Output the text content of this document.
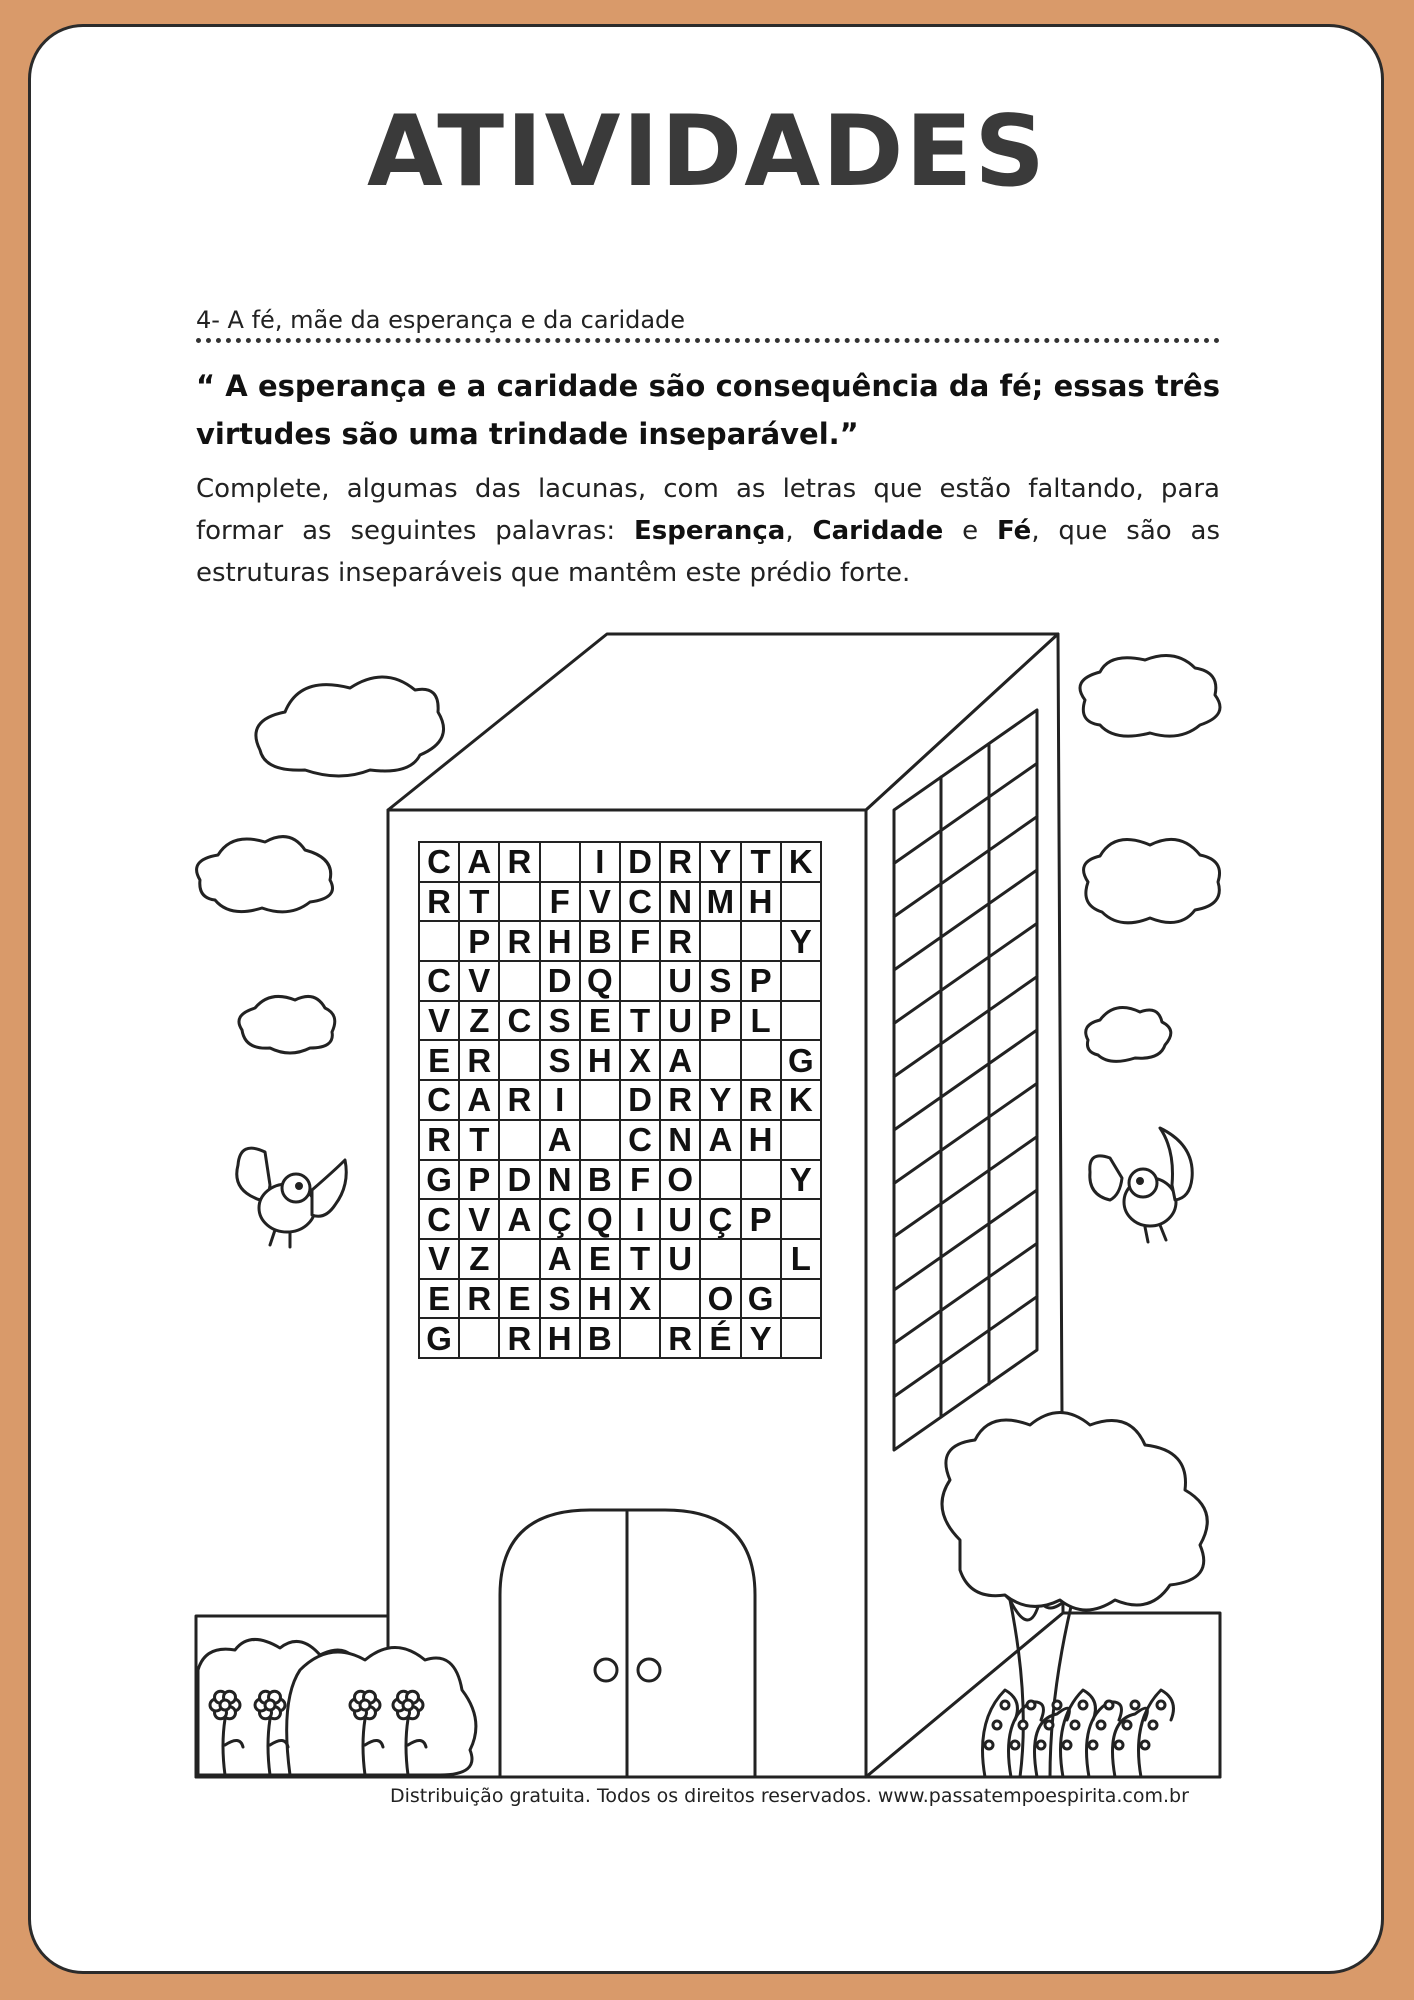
ATIVIDADES
4- A fé, mãe da esperança e da caridade
“ A esperança e a caridade são consequência da fé; essas três virtudes são uma trindade inseparável.”
Complete, algumas das lacunas, com as letras que estão faltando, para formar as seguintes palavras: Esperança, Caridade e Fé, que são as estruturas inseparáveis que mantêm este prédio forte.
C	A	R		I	D	R	Y	T	K
R	T		F	V	C	N	M	H	
	P	R	H	B	F	R			Y
C	V		D	Q		U	S	P	
V	Z	C	S	E	T	U	P	L	
E	R		S	H	X	A			G
C	A	R	I		D	R	Y	R	K
R	T		A		C	N	A	H	
G	P	D	N	B	F	O			Y
C	V	A	Ç	Q	I	U	Ç	P	
V	Z		A	E	T	U			L
E	R	E	S	H	X		O	G	
G		R	H	B		R	É	Y	
Distribuição gratuita. Todos os direitos reservados. www.passatempoespirita.com.br
